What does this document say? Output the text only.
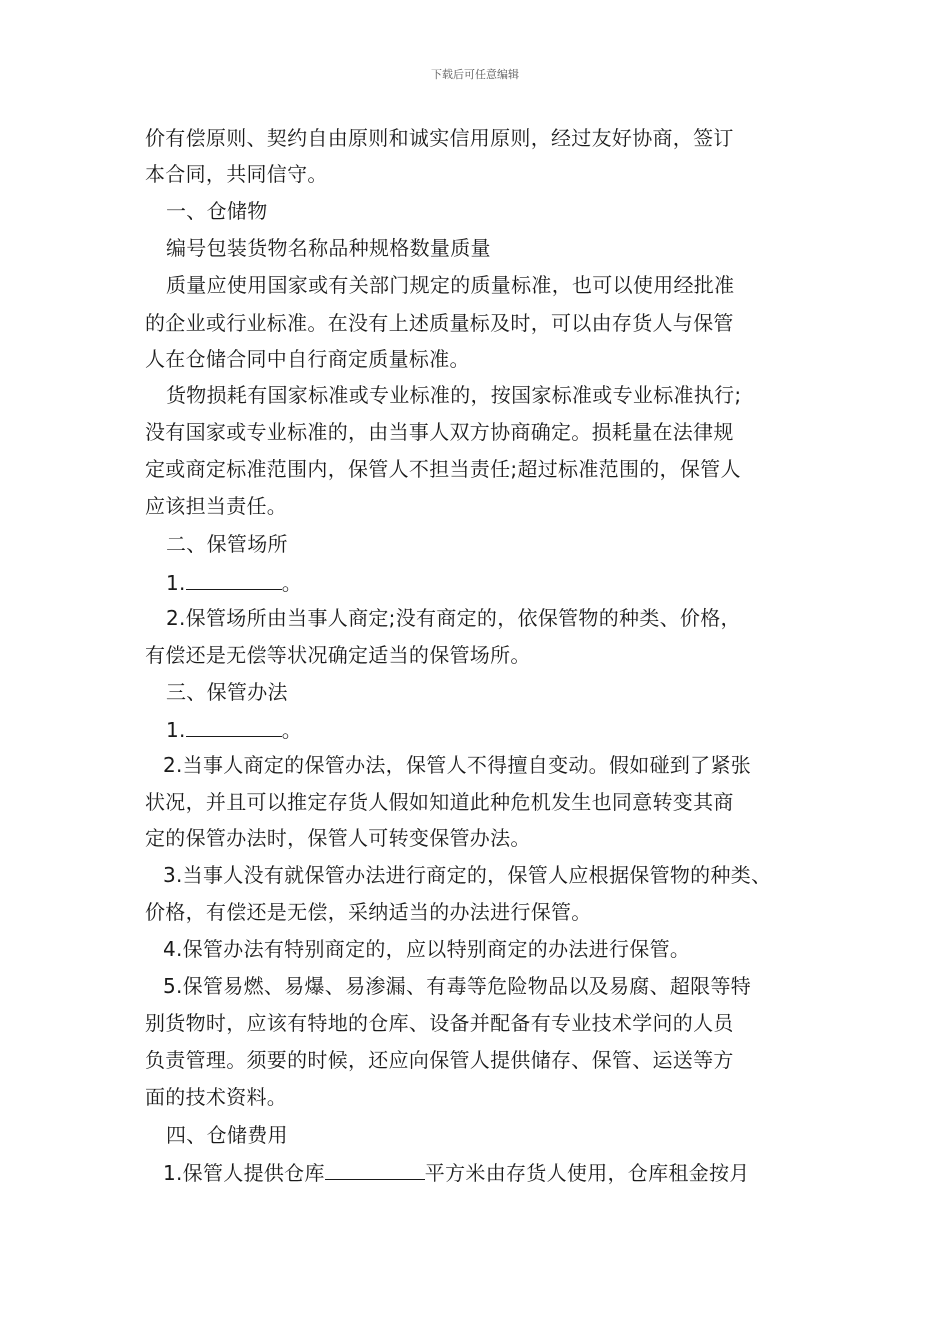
下载后可任意编辑
价有偿原则、契约自由原则和诚实信用原则，经过友好协商，签订
本合同，共同信守。
一、仓储物
编号包装货物名称品种规格数量质量
质量应使用国家或有关部门规定的质量标准，也可以使用经批准
的企业或行业标准。在没有上述质量标及时，可以由存货人与保管
人在仓储合同中自行商定质量标准。
货物损耗有国家标准或专业标准的，按国家标准或专业标准执行;
没有国家或专业标准的，由当事人双方协商确定。损耗量在法律规
定或商定标准范围内，保管人不担当责任;超过标准范围的，保管人
应该担当责任。
二、保管场所
1.	。
2.保管场所由当事人商定;没有商定的，依保管物的种类、价格，
有偿还是无偿等状况确定适当的保管场所。
三、保管办法
1.	。
2.当事人商定的保管办法，保管人不得擅自变动。假如碰到了紧张
状况，并且可以推定存货人假如知道此种危机发生也同意转变其商
定的保管办法时，保管人可转变保管办法。
3.当事人没有就保管办法进行商定的，保管人应根据保管物的种类、
价格，有偿还是无偿，采纳适当的办法进行保管。
4.保管办法有特别商定的，应以特别商定的办法进行保管。
5.保管易燃、易爆、易渗漏、有毒等危险物品以及易腐、超限等特
别货物时，应该有特地的仓库、设备并配备有专业技术学问的人员
负责管理。须要的时候，还应向保管人提供储存、保管、运送等方
面的技术资料。
四、仓储费用
1.保管人提供仓库	平方米由存货人使用，仓库租金按月
